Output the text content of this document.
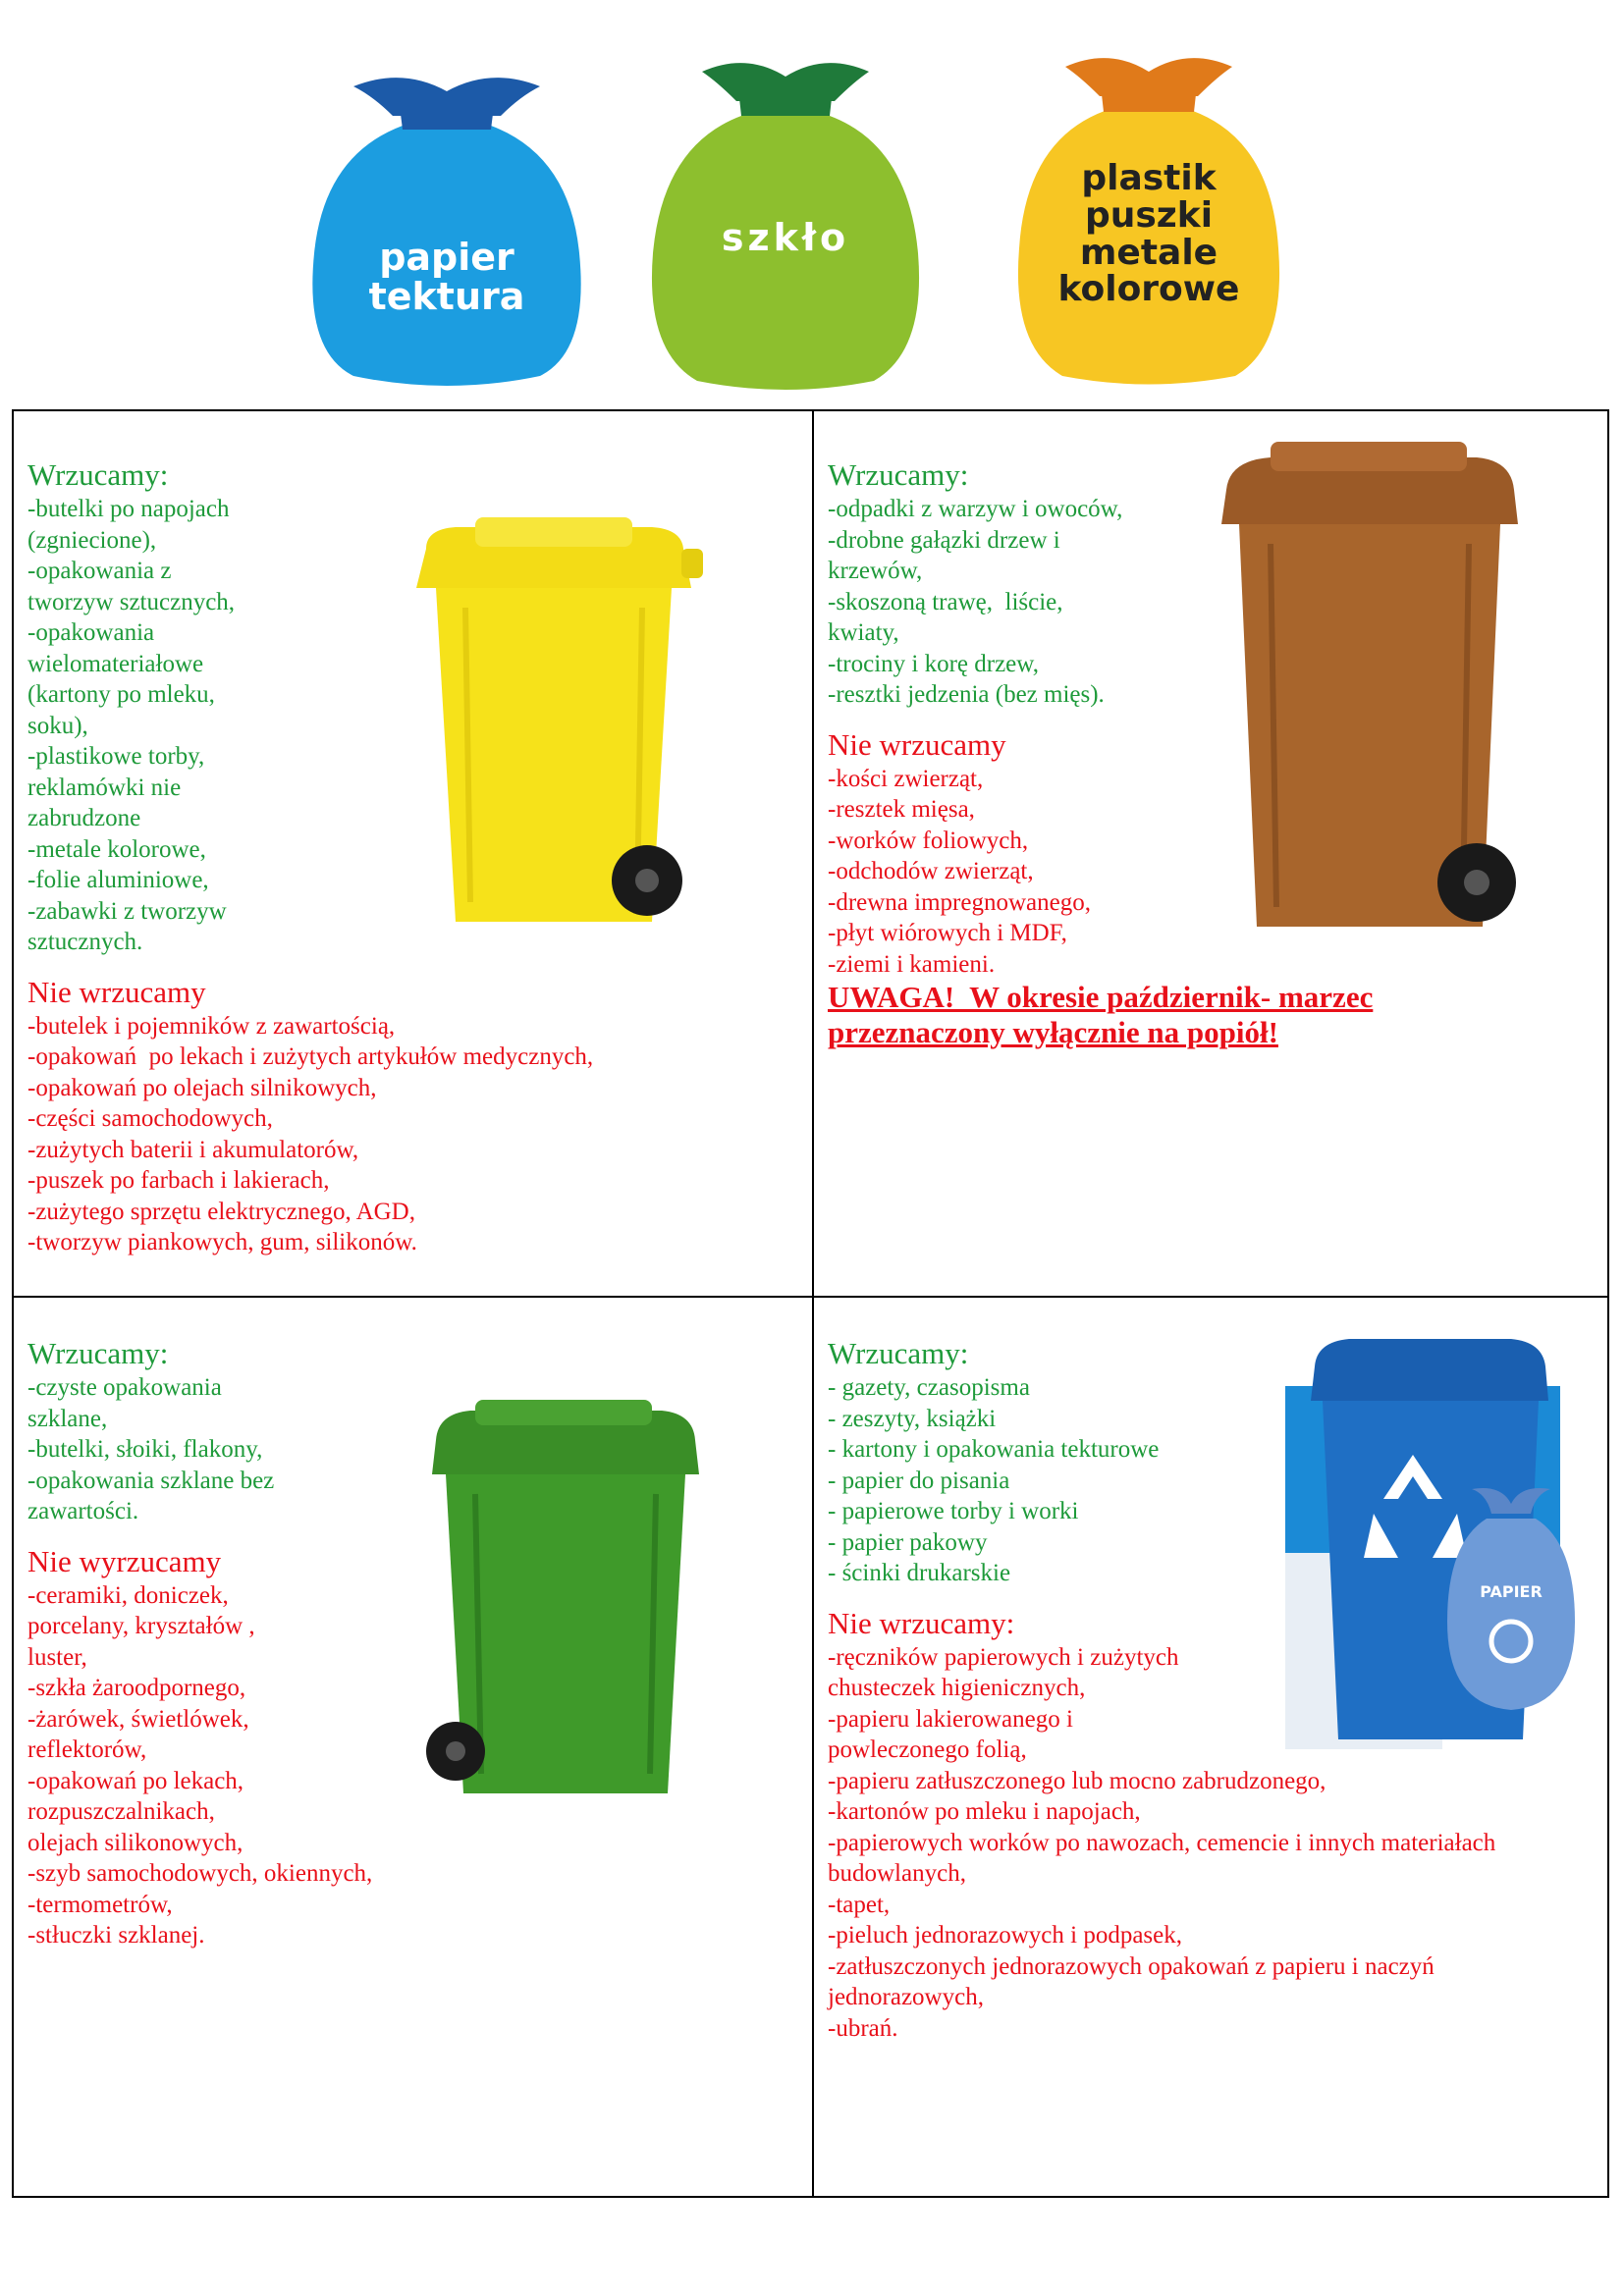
papier
tektura
szkło
plastik
puszki
metale
kolorowe
Wrzucamy:
-butelki po napojach
(zgniecione),
-opakowania z
tworzyw sztucznych,
-opakowania
wielomateriałowe
(kartony po mleku,
soku),
-plastikowe torby,
reklamówki nie
zabrudzone
-metale kolorowe,
-folie aluminiowe,
-zabawki z tworzyw
sztucznych.
Nie wrzucamy
-butelek i pojemników z zawartością,
-opakowań  po lekach i zużytych artykułów medycznych,
-opakowań po olejach silnikowych,
-części samochodowych,
-zużytych baterii i akumulatorów,
-puszek po farbach i lakierach,
-zużytego sprzętu elektrycznego, AGD,
-tworzyw piankowych, gum, silikonów.
Wrzucamy:
-odpadki z warzyw i owoców,
-drobne gałązki drzew i
krzewów,
-skoszoną trawę,  liście,
kwiaty,
-trociny i korę drzew,
-resztki jedzenia (bez mięs).
Nie wrzucamy
-kości zwierząt,
-resztek mięsa,
-worków foliowych,
-odchodów zwierząt,
-drewna impregnowanego,
-płyt wiórowych i MDF,
-ziemi i kamieni.
UWAGA!  W okresie październik- marzec
przeznaczony wyłącznie na popiół!
Wrzucamy:
-czyste opakowania
szklane,
-butelki, słoiki, flakony,
-opakowania szklane bez
zawartości.
Nie wyrzucamy
-ceramiki, doniczek,
porcelany, kryształów ,
luster,
-szkła żaroodpornego,
-żarówek, świetlówek,
reflektorów,
-opakowań po lekach,
rozpuszczalnikach,
olejach silikonowych,
-szyb samochodowych, okiennych,
-termometrów,
-stłuczki szklanej.
PAPIER
Wrzucamy:
- gazety, czasopisma
- zeszyty, książki
- kartony i opakowania tekturowe
- papier do pisania
- papierowe torby i worki
- papier pakowy
- ścinki drukarskie
Nie wrzucamy:
-ręczników papierowych i zużytych
chusteczek higienicznych,
-papieru lakierowanego i
powleczonego folią,
-papieru zatłuszczonego lub mocno zabrudzonego,
-kartonów po mleku i napojach,
-papierowych worków po nawozach, cemencie i innych materiałach
budowlanych,
-tapet,
-pieluch jednorazowych i podpasek,
-zatłuszczonych jednorazowych opakowań z papieru i naczyń
jednorazowych,
-ubrań.
